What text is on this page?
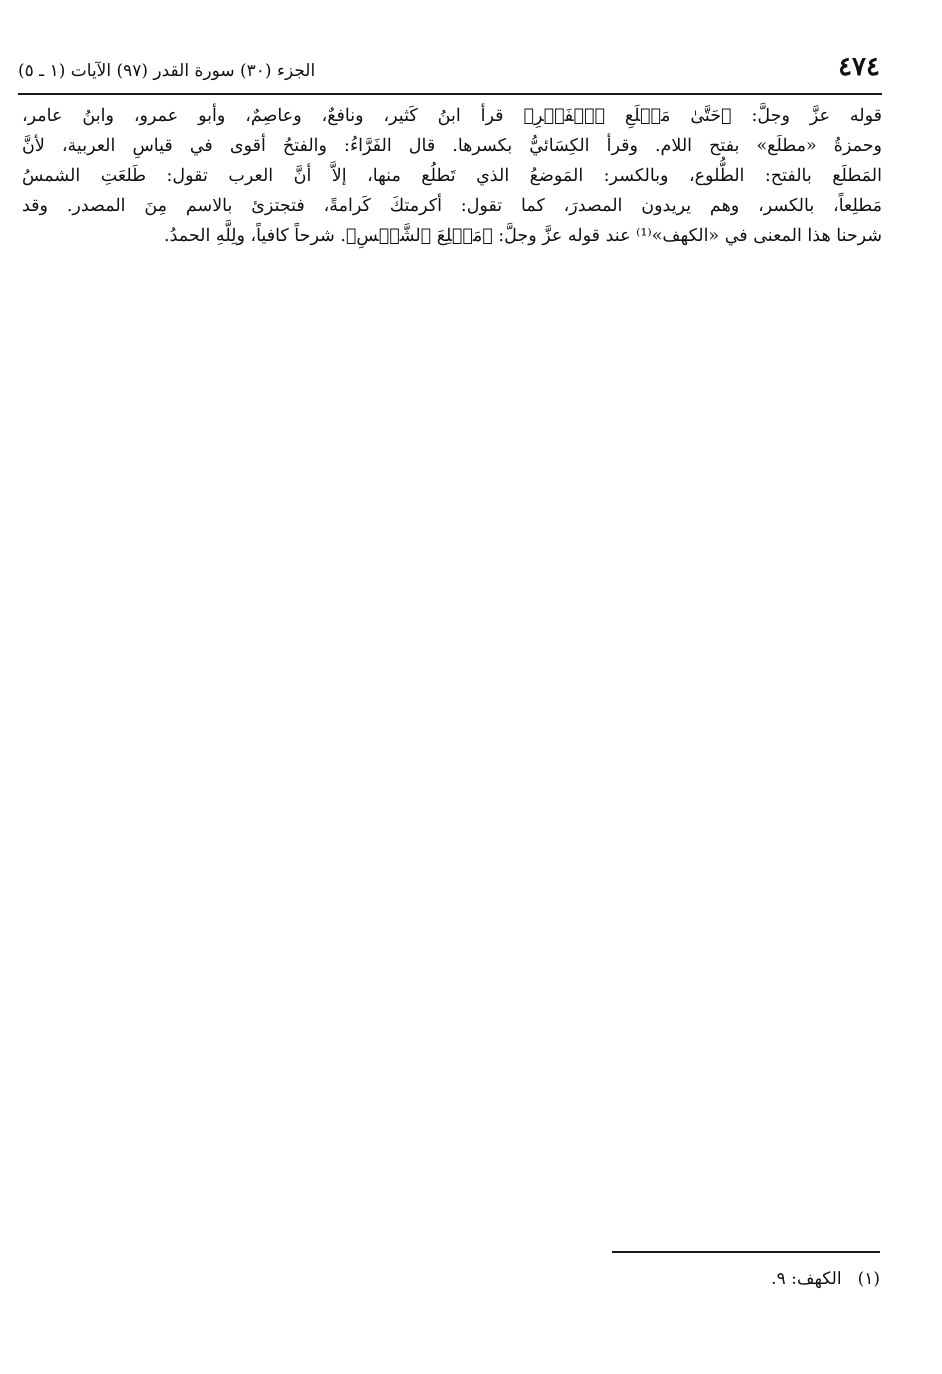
٤٧٤
الجزء (٣٠) سورة القدر (٩٧) الآيات (١ ـ ٥)
قوله عزَّ وجلَّ: ﴿حَتَّىٰ مَطۡلَعِ ٱلۡفَجۡرِ﴾ قرأ ابنُ كَثير، ونافعٌ، وعاصِمٌ، وأبو عمرو، وابنُ عامر،
وحمزةُ «مطلَع» بفتح اللام. وقرأ الكِسَائيُّ بكسرها. قال الفَرَّاءُ: والفتحُ أقوى في قياسِ العربية، لأنَّ
المَطلَع بالفتح: الطُّلوع، وبالكسر: المَوضعُ الذي تَطلُع منها، إلاَّ أنَّ العرب تقول: طَلعَتِ الشمسُ
مَطلِعاً، بالكسر، وهم يريدون المصدرَ، كما تقول: أكرمتكَ كَرامةً، فتجتزئ بالاسم مِنَ المصدر. وقد
شرحنا هذا المعنى في «الكهف»⁽¹⁾ عند قوله عزَّ وجلَّ: ﴿مَطۡلِعَ ٱلشَّمۡسِ﴾. شرحاً كافياً، ولِلَّهِ الحمدُ.
(١)الكهف: ٩.
